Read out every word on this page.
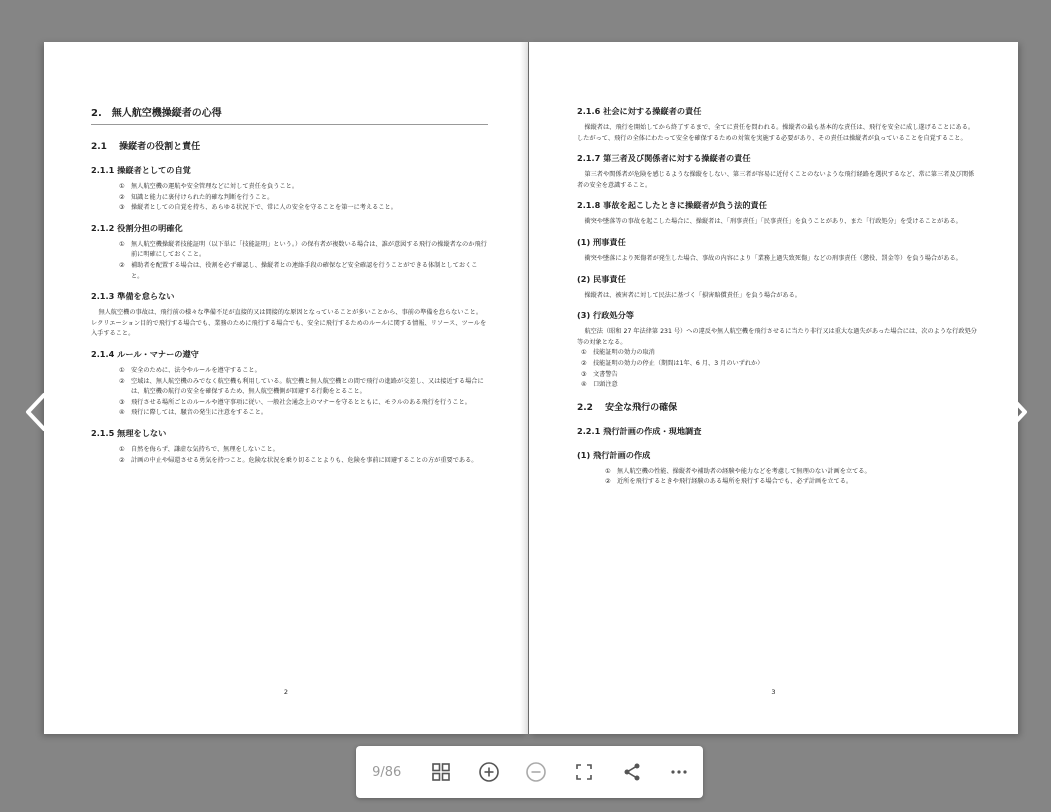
2.　無人航空機操縦者の心得
2.1　 操縦者の役割と責任
2.1.1 操縦者としての自覚
① 無人航空機の運航や安全管理などに対して責任を負うこと。
② 知識と能力に裏付けられた的確な判断を行うこと。
③ 操縦者としての自覚を持ち、あらゆる状況下で、常に人の安全を守ることを第一に考えること。
2.1.2 役割分担の明確化
① 無人航空機操縦者技能証明（以下単に「技能証明」という。）の保有者が複数いる場合は、誰が意図する飛行の操縦者なのか飛行前に明確にしておくこと。
② 補助者を配置する場合は、役割を必ず確認し、操縦者との連絡手段の確保など安全確認を行うことができる体制としておくこと。
2.1.3 準備を怠らない

無人航空機の事故は、飛行前の様々な準備不足が直接的又は間接的な原因となっていることが多いことから、事前の準備を怠らないこと。レクリエーション目的で飛行する場合でも、業務のために飛行する場合でも、安全に飛行するためのルールに関する情報、リソース、ツールを入手すること。

2.1.4 ルール・マナーの遵守
① 安全のために、法令やルールを遵守すること。
② 空域は、無人航空機のみでなく航空機も利用している。航空機と無人航空機との間で飛行の進路が交差し、又は接近する場合には、航空機の航行の安全を確保するため、無人航空機側が回避する行動をとること。
③ 飛行させる場所ごとのルールや遵守事項に従い、一般社会通念上のマナーを守るとともに、モラルのある飛行を行うこと。
④ 飛行に際しては、騒音の発生に注意をすること。
2.1.5 無理をしない
① 自然を侮らず、謙虚な気持ちで、無理をしないこと。
② 計画の中止や帰還させる勇気を持つこと。危険な状況を乗り切ることよりも、危険を事前に回避することの方が重要である。
2
2.1.6 社会に対する操縦者の責任

操縦者は、飛行を開始してから終了するまで、全てに責任を問われる。操縦者の最も基本的な責任は、飛行を安全に成し遂げることにある。したがって、飛行の全体にわたって安全を確保するための対策を実施する必要があり、その責任は操縦者が負っていることを自覚すること。

2.1.7 第三者及び関係者に対する操縦者の責任

第三者や関係者が危険を感じるような操縦をしない、第三者が容易に近付くことのないような飛行経路を選択するなど、常に第三者及び関係者の安全を意識すること。

2.1.8 事故を起こしたときに操縦者が負う法的責任

衝突や墜落等の事故を起こした場合に、操縦者は、「刑事責任」「民事責任」を負うことがあり、また「行政処分」を受けることがある。

(1) 刑事責任

衝突や墜落により死傷者が発生した場合、事故の内容により「業務上過失致死傷」などの刑事責任（懲役、罰金等）を負う場合がある。

(2) 民事責任

操縦者は、被害者に対して民法に基づく「損害賠償責任」を負う場合がある。

(3) 行政処分等

航空法（昭和 27 年法律第 231 号）への違反や無人航空機を飛行させるに当たり非行又は重大な過失があった場合には、次のような行政処分等の対象となる。

① 技能証明の効力の取消
② 技能証明の効力の停止（期間は1年、6 月、3 月のいずれか）
③ 文書警告
④ 口頭注意
2.2　 安全な飛行の確保
2.2.1 飛行計画の作成・現地調査
(1) 飛行計画の作成
① 無人航空機の性能、操縦者や補助者の経験や能力などを考慮して無理のない計画を立てる。
② 近所を飛行するときや飛行経験のある場所を飛行する場合でも、必ず計画を立てる。
3
9/86
